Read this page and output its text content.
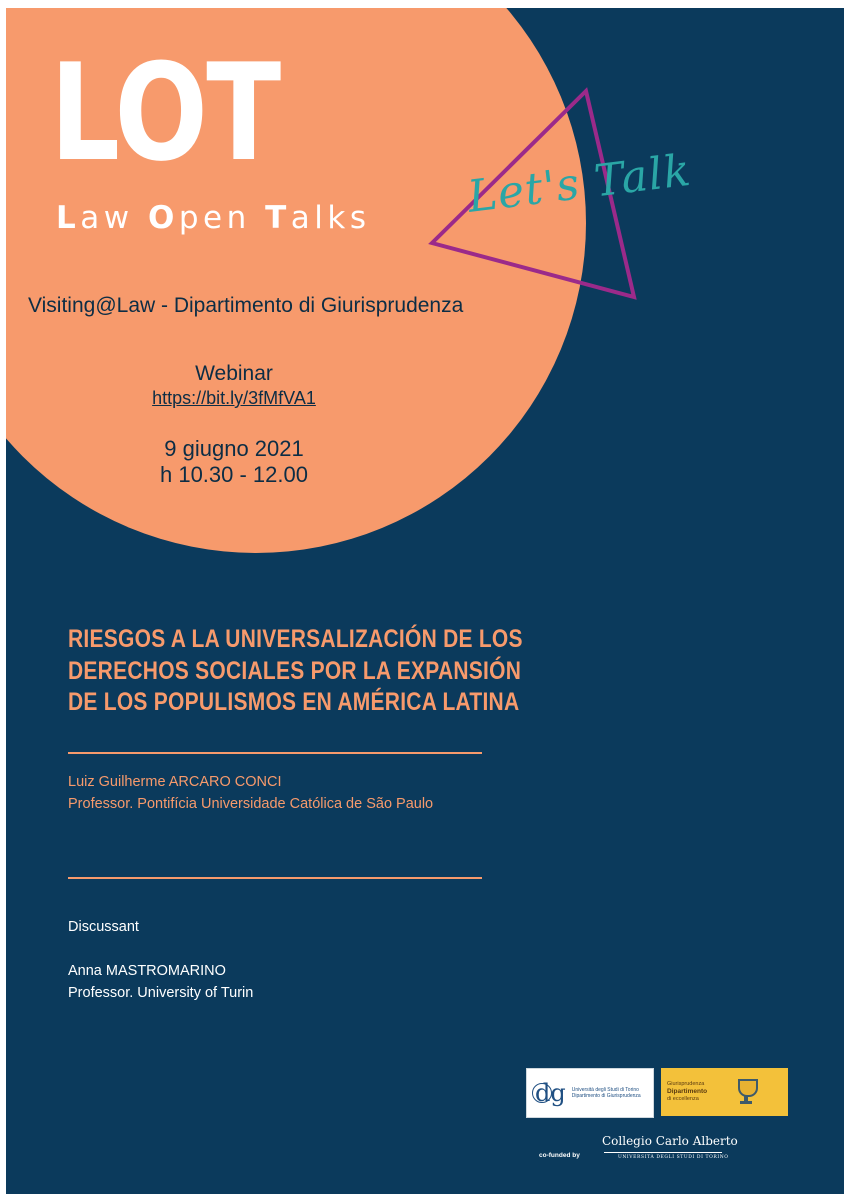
LOT
Law Open Talks Let's Talk
Visiting@Law - Dipartimento di Giurisprudenza
Webinar
https://bit.ly/3fMfVA1
9 giugno 2021
h 10.30 - 12.00
RIESGOS A LA UNIVERSALIZACIÓN DE LOS
DERECHOS SOCIALES POR LA EXPANSIÓN
DE LOS POPULISMOS EN AMÉRICA LATINA
Luiz Guilherme ARCARO CONCI
Professor. Pontifícia Universidade Católica de São Paulo
Discussant
Anna MASTROMARINO
Professor. University of Turin
dg Università degli Studi di Torino
Dipartimento di Giurisprudenza
Giurisprudenza
Dipartimento
di eccellenza
co-funded by
Collegio Carlo Alberto
UNIVERSITÀ DEGLI STUDI DI TORINO
